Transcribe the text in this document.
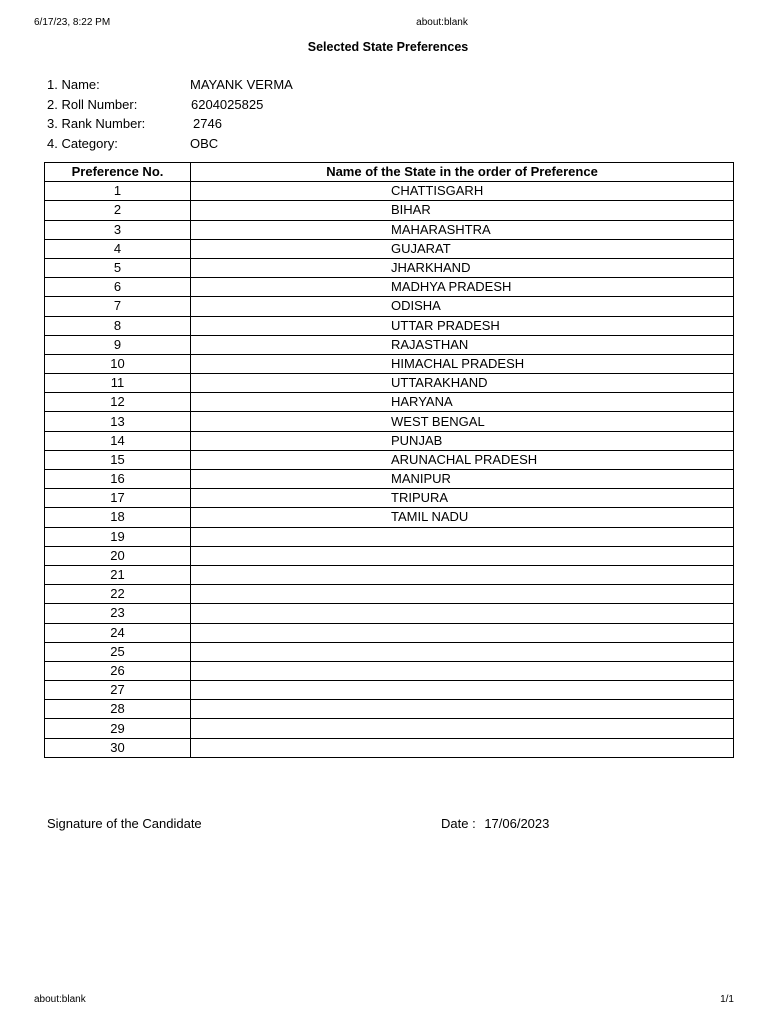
6/17/23, 8:22 PM	about:blank
Selected State Preferences
1. Name:	MAYANK VERMA
2. Roll Number:	6204025825
3. Rank Number:	2746
4. Category:	OBC
Preference No.	Name of the State in the order of Preference
1	CHATTISGARH
2	BIHAR
3	MAHARASHTRA
4	GUJARAT
5	JHARKHAND
6	MADHYA PRADESH
7	ODISHA
8	UTTAR PRADESH
9	RAJASTHAN
10	HIMACHAL PRADESH
11	UTTARAKHAND
12	HARYANA
13	WEST BENGAL
14	PUNJAB
15	ARUNACHAL PRADESH
16	MANIPUR
17	TRIPURA
18	TAMIL NADU
19	
20	
21	
22	
23	
24	
25	
26	
27	
28	
29	
30	
Signature of the Candidate	Date : 17/06/2023
about:blank	1/1
